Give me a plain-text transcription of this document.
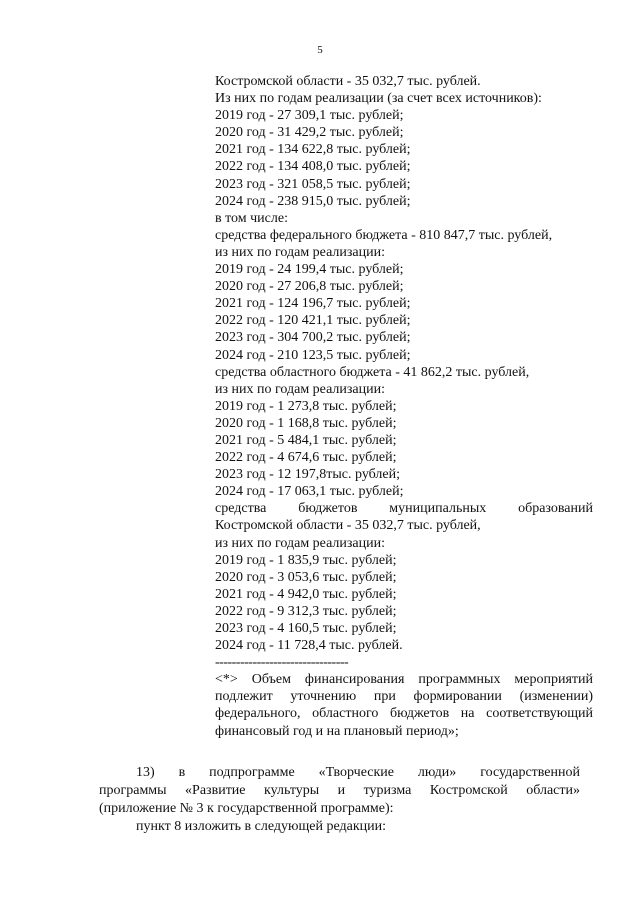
5
Костромской области - 35 032,7 тыс. рублей.
Из них по годам реализации (за счет всех источников):
2019 год - 27 309,1 тыс. рублей;
2020 год - 31 429,2 тыс. рублей;
2021 год - 134 622,8 тыс. рублей;
2022 год - 134 408,0 тыс. рублей;
2023 год - 321 058,5 тыс. рублей;
2024 год - 238 915,0 тыс. рублей;
в том числе:
средства федерального бюджета - 810 847,7 тыс. рублей,
из них по годам реализации:
2019 год - 24 199,4 тыс. рублей;
2020 год - 27 206,8 тыс. рублей;
2021 год - 124 196,7 тыс. рублей;
2022 год - 120 421,1 тыс. рублей;
2023 год - 304 700,2 тыс. рублей;
2024 год - 210 123,5 тыс. рублей;
средства областного бюджета - 41 862,2 тыс. рублей,
из них по годам реализации:
2019 год - 1 273,8 тыс. рублей;
2020 год - 1 168,8 тыс. рублей;
2021 год - 5 484,1 тыс. рублей;
2022 год - 4 674,6 тыс. рублей;
2023 год - 12 197,8тыс. рублей;
2024 год - 17 063,1 тыс. рублей;
средства бюджетов муниципальных образований
Костромской области - 35 032,7 тыс. рублей,
из них по годам реализации:
2019 год - 1 835,9 тыс. рублей;
2020 год - 3 053,6 тыс. рублей;
2021 год - 4 942,0 тыс. рублей;
2022 год - 9 312,3 тыс. рублей;
2023 год - 4 160,5 тыс. рублей;
2024 год - 11 728,4 тыс. рублей.
--------------------------------
<*> Объем финансирования программных мероприятий
подлежит уточнению при формировании (изменении)
федерального, областного бюджетов на соответствующий
финансовый год и на плановый период»;
13) в подпрограмме «Творческие люди» государственной
программы «Развитие культуры и туризма Костромской области»
(приложение № 3 к государственной программе):
пункт 8 изложить в следующей редакции:
